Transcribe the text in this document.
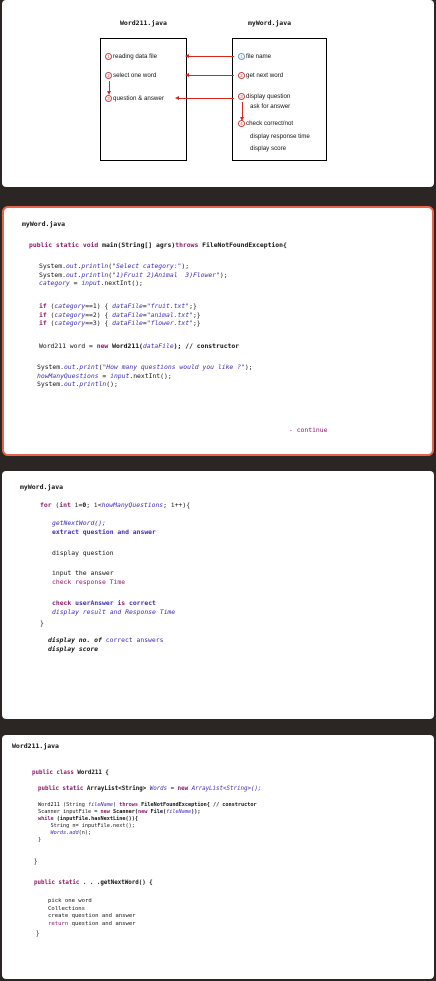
Word211.java	myWord.java
1 reading data file
2 select one word
3 question & answer
1 file name
2 get next word
3 display question
ask for answer
4 check correct/not
display response time
display score
myWord.java
public static void main(String[] agrs)throws FileNotFoundException{
System.out.println("Select category:");
System.out.println("1)Fruit 2)Animal  3)Flower");
category = input.nextInt();
if (category==1) { dataFile="fruit.txt";}
if (category==2) { dataFile="animal.txt";}
if (category==3) { dataFile="flower.txt";}
Word211 word = new Word211(dataFile); // constructor
System.out.print("How many questions would you like ?");
howManyQuestions = input.nextInt();
System.out.println();
- continue
myWord.java
for (int i=0; i<howManyQuestions; i++){
getNextWord();
extract question and answer
display question
input the answer
check response Time
check userAnswer is correct
display result and Response Time
}
display no. of correct answers
display score
Word211.java
public class Word211 {
public static ArrayList<String> Words = new ArrayList<String>();
Word211 (String fileName) throws FileNotFoundException{ // constructor
Scanner inputFile = new Scanner(new File(fileName));
while (inputFile.hasNextLine()){
String n= inputFile.next();
Words.add(n);
}
}
public static . . .getNextWord() {
pick one word
Collections
create question and answer
return question and answer
}
